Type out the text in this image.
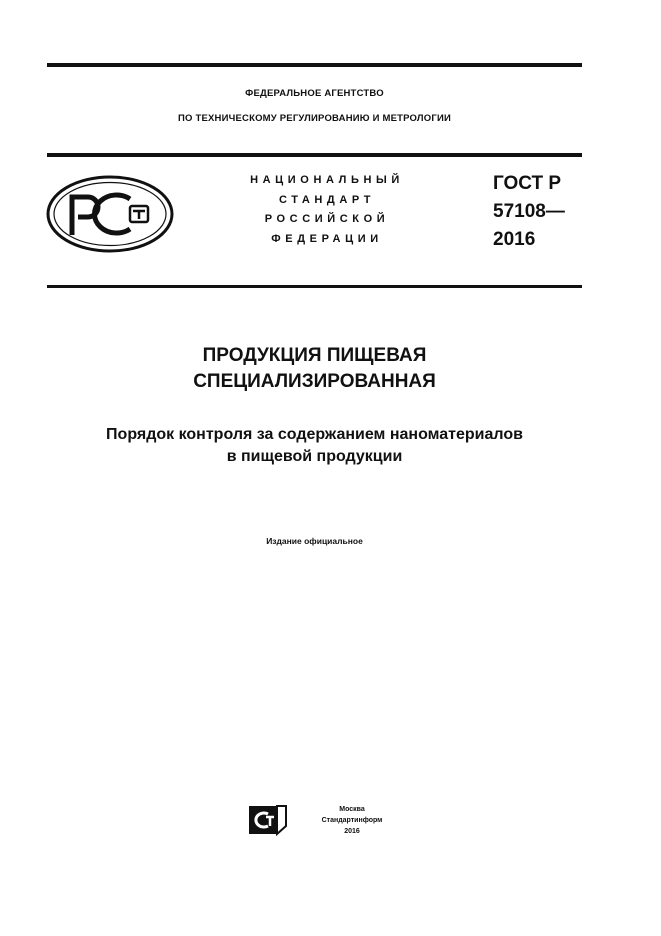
ФЕДЕРАЛЬНОЕ АГЕНТСТВО
ПО ТЕХНИЧЕСКОМУ РЕГУЛИРОВАНИЮ И МЕТРОЛОГИИ
НАЦИОНАЛЬНЫЙ
СТАНДАРТ
РОССИЙСКОЙ
ФЕДЕРАЦИИ
ГОСТ Р
57108—
2016
ПРОДУКЦИЯ ПИЩЕВАЯ
СПЕЦИАЛИЗИРОВАННАЯ
Порядок контроля за содержанием наноматериалов
в пищевой продукции
Издание официальное
Москва
Стандартинформ
2016
